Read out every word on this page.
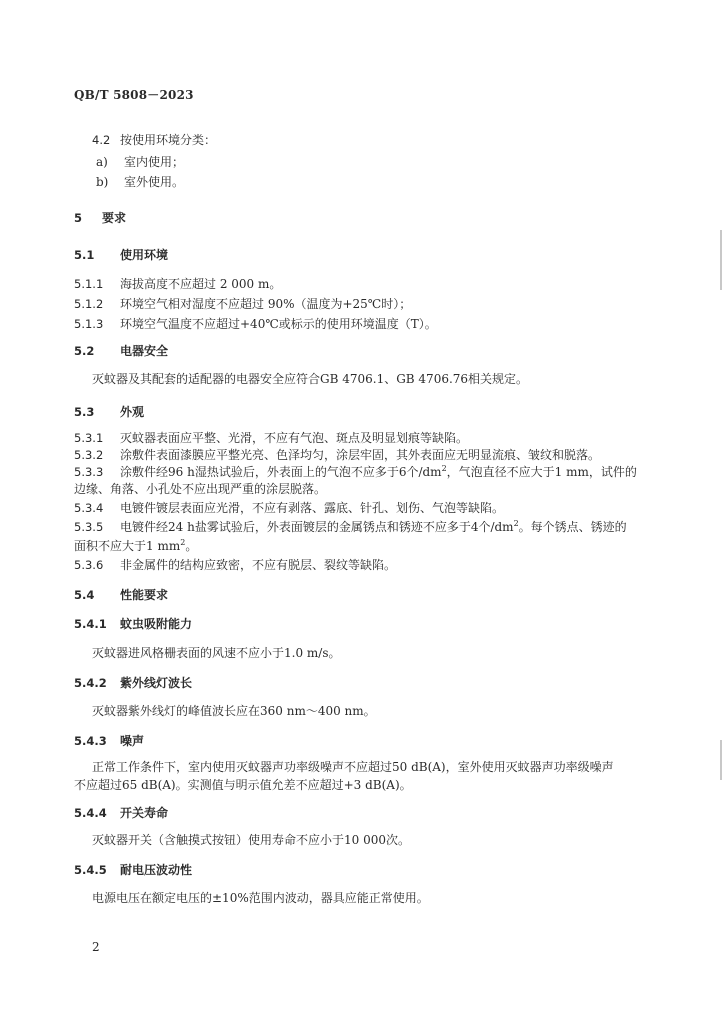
QB/T 5808－2023
4.2 按使用环境分类：
a) 室内使用；
b) 室外使用。
5 要求
5.1 使用环境
5.1.1 海拔高度不应超过 2 000 m。
5.1.2 环境空气相对湿度不应超过 90%（温度为+25℃时）；
5.1.3 环境空气温度不应超过+40℃或标示的使用环境温度（T）。
5.2 电器安全
灭蚊器及其配套的适配器的电器安全应符合GB 4706.1、GB 4706.76相关规定。
5.3 外观
5.3.1 灭蚊器表面应平整、光滑，不应有气泡、斑点及明显划痕等缺陷。
5.3.2 涂敷件表面漆膜应平整光亮、色泽均匀，涂层牢固，其外表面应无明显流痕、皱纹和脱落。
5.3.3 涂敷件经96 h湿热试验后，外表面上的气泡不应多于6个$/dm^2$，气泡直径不应大于1 mm，试件的
边缘、角落、小孔处不应出现严重的涂层脱落。
5.3.4 电镀件镀层表面应光滑，不应有剥落、露底、针孔、划伤、气泡等缺陷。
5.3.5 电镀件经24 h盐雾试验后，外表面镀层的金属锈点和锈迹不应多于4个$/dm^2$。每个锈点、锈迹的
面积不应大于1 $mm^2$。
5.3.6 非金属件的结构应致密，不应有脱层、裂纹等缺陷。
5.4 性能要求
5.4.1 蚊虫吸附能力
灭蚊器进风格栅表面的风速不应小于1.0 m/s。
5.4.2 紫外线灯波长
灭蚊器紫外线灯的峰值波长应在360 nm～400 nm。
5.4.3 噪声
正常工作条件下，室内使用灭蚊器声功率级噪声不应超过50 dB(A)，室外使用灭蚊器声功率级噪声
不应超过65 dB(A)。实测值与明示值允差不应超过+3 dB(A)。
5.4.4 开关寿命
灭蚊器开关（含触摸式按钮）使用寿命不应小于10 000次。
5.4.5 耐电压波动性
电源电压在额定电压的±10%范围内波动，器具应能正常使用。
2
